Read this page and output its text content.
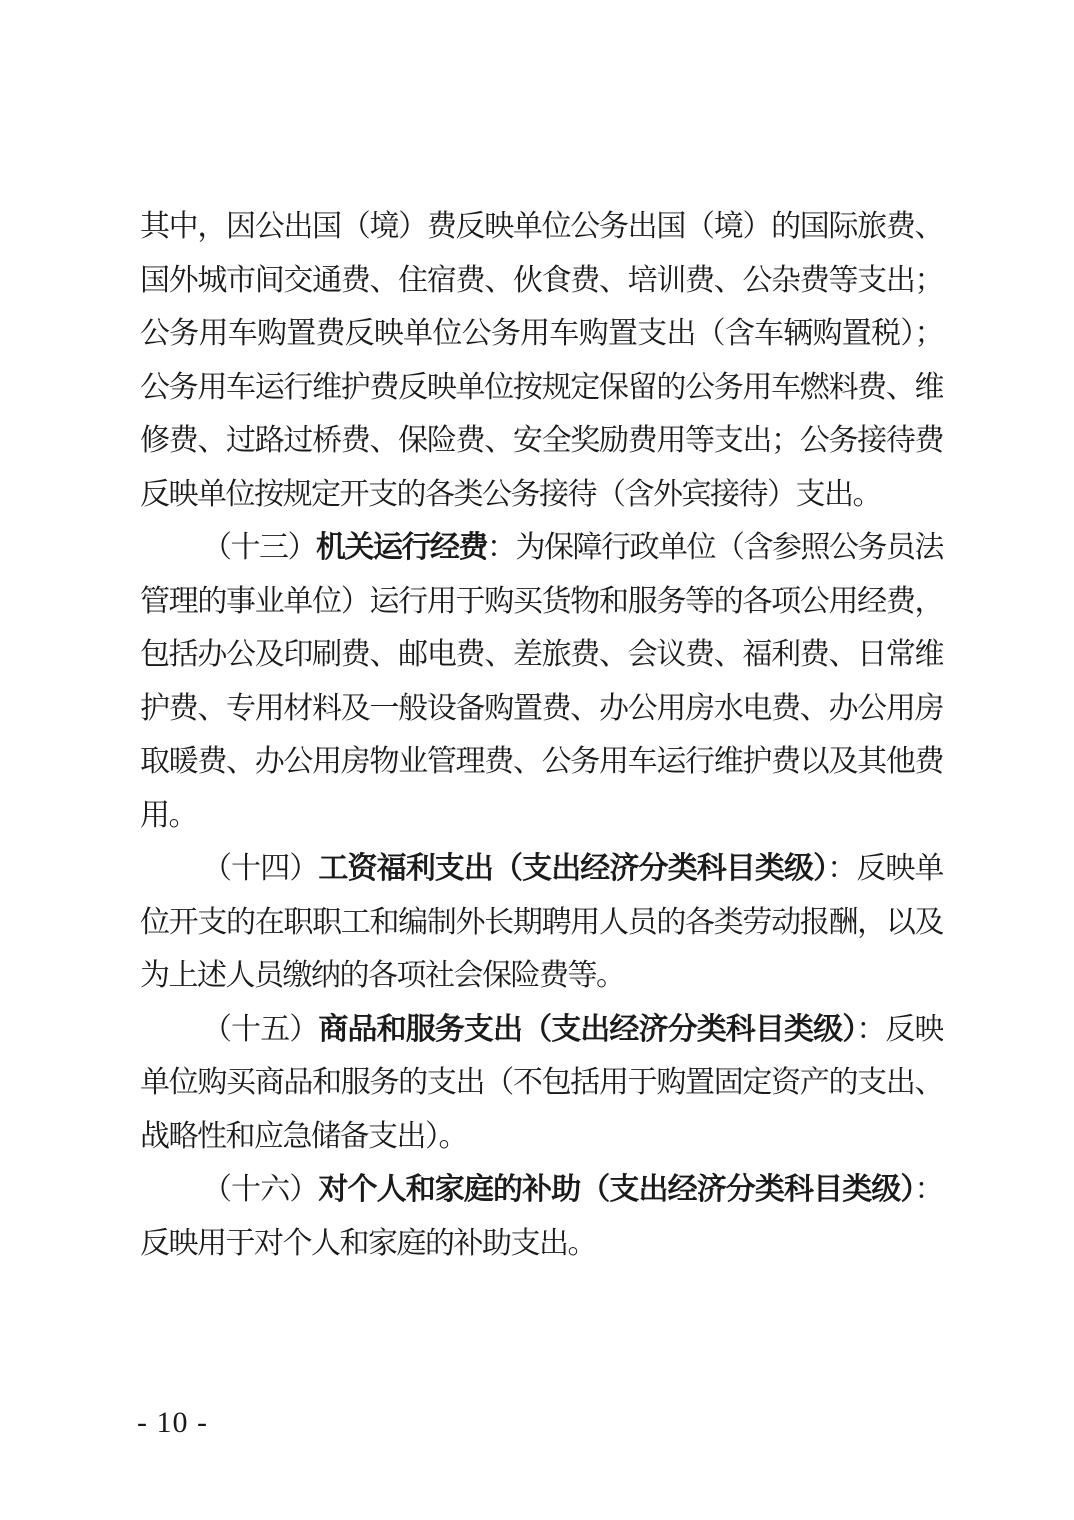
其中，因公出国（境）费反映单位公务出国（境）的国际旅费、
国外城市间交通费、住宿费、伙食费、培训费、公杂费等支出；
公务用车购置费反映单位公务用车购置支出（含车辆购置税）；
公务用车运行维护费反映单位按规定保留的公务用车燃料费、维
修费、过路过桥费、保险费、安全奖励费用等支出；公务接待费
反映单位按规定开支的各类公务接待（含外宾接待）支出。
（十三）机关运行经费：为保障行政单位（含参照公务员法
管理的事业单位）运行用于购买货物和服务等的各项公用经费，
包括办公及印刷费、邮电费、差旅费、会议费、福利费、日常维
护费、专用材料及一般设备购置费、办公用房水电费、办公用房
取暖费、办公用房物业管理费、公务用车运行维护费以及其他费
用。
（十四）工资福利支出（支出经济分类科目类级）：反映单
位开支的在职职工和编制外长期聘用人员的各类劳动报酬，以及
为上述人员缴纳的各项社会保险费等。
（十五）商品和服务支出（支出经济分类科目类级）：反映
单位购买商品和服务的支出（不包括用于购置固定资产的支出、
战略性和应急储备支出）。
（十六）对个人和家庭的补助（支出经济分类科目类级）：
反映用于对个人和家庭的补助支出。
- 10 -
